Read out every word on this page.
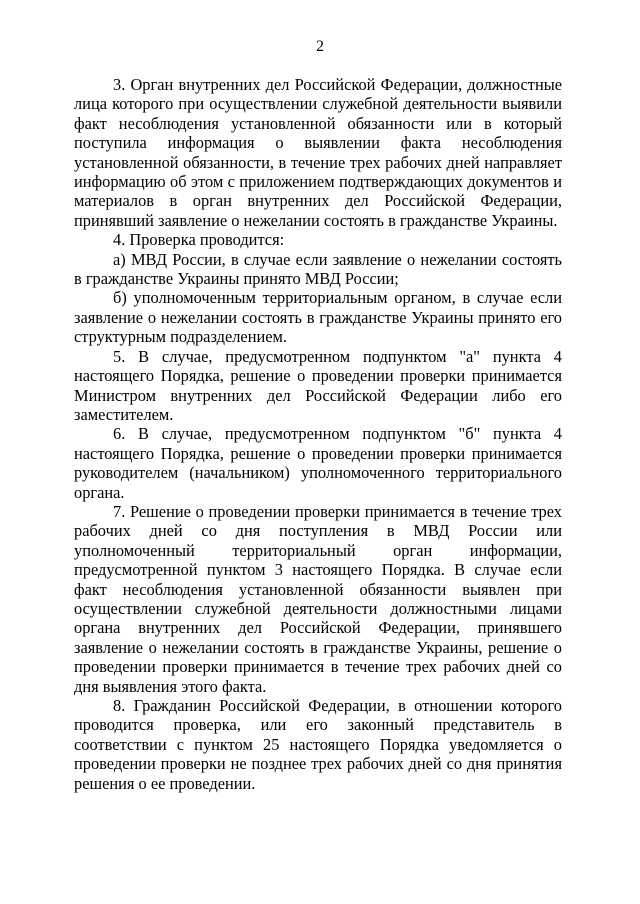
2

3. Орган внутренних дел Российской Федерации, должностные лица которого при осуществлении служебной деятельности выявили факт несоблюдения установленной обязанности или в который поступила информация о выявлении факта несоблюдения установленной обязанности, в течение трех рабочих дней направляет информацию об этом с приложением подтверждающих документов и материалов в орган внутренних дел Российской Федерации, принявший заявление о нежелании состоять в гражданстве Украины.

4. Проверка проводится:

а) МВД России, в случае если заявление о нежелании состоять в гражданстве Украины принято МВД России;

б) уполномоченным территориальным органом, в случае если заявление о нежелании состоять в гражданстве Украины принято его структурным подразделением.

5. В случае, предусмотренном подпунктом "а" пункта 4 настоящего Порядка, решение о проведении проверки принимается Министром внутренних дел Российской Федерации либо его заместителем.

6. В случае, предусмотренном подпунктом "б" пункта 4 настоящего Порядка, решение о проведении проверки принимается руководителем (начальником) уполномоченного территориального органа.

7. Решение о проведении проверки принимается в течение трех рабочих дней со дня поступления в МВД России или уполномоченный территориальный орган информации, предусмотренной пунктом 3 настоящего Порядка. В случае если факт несоблюдения установленной обязанности выявлен при осуществлении служебной деятельности должностными лицами органа внутренних дел Российской Федерации, принявшего заявление о нежелании состоять в гражданстве Украины, решение о проведении проверки принимается в течение трех рабочих дней со дня выявления этого факта.

8. Гражданин Российской Федерации, в отношении которого проводится проверка, или его законный представитель в соответствии с пунктом 25 настоящего Порядка уведомляется о проведении проверки не позднее трех рабочих дней со дня принятия решения о ее проведении.
